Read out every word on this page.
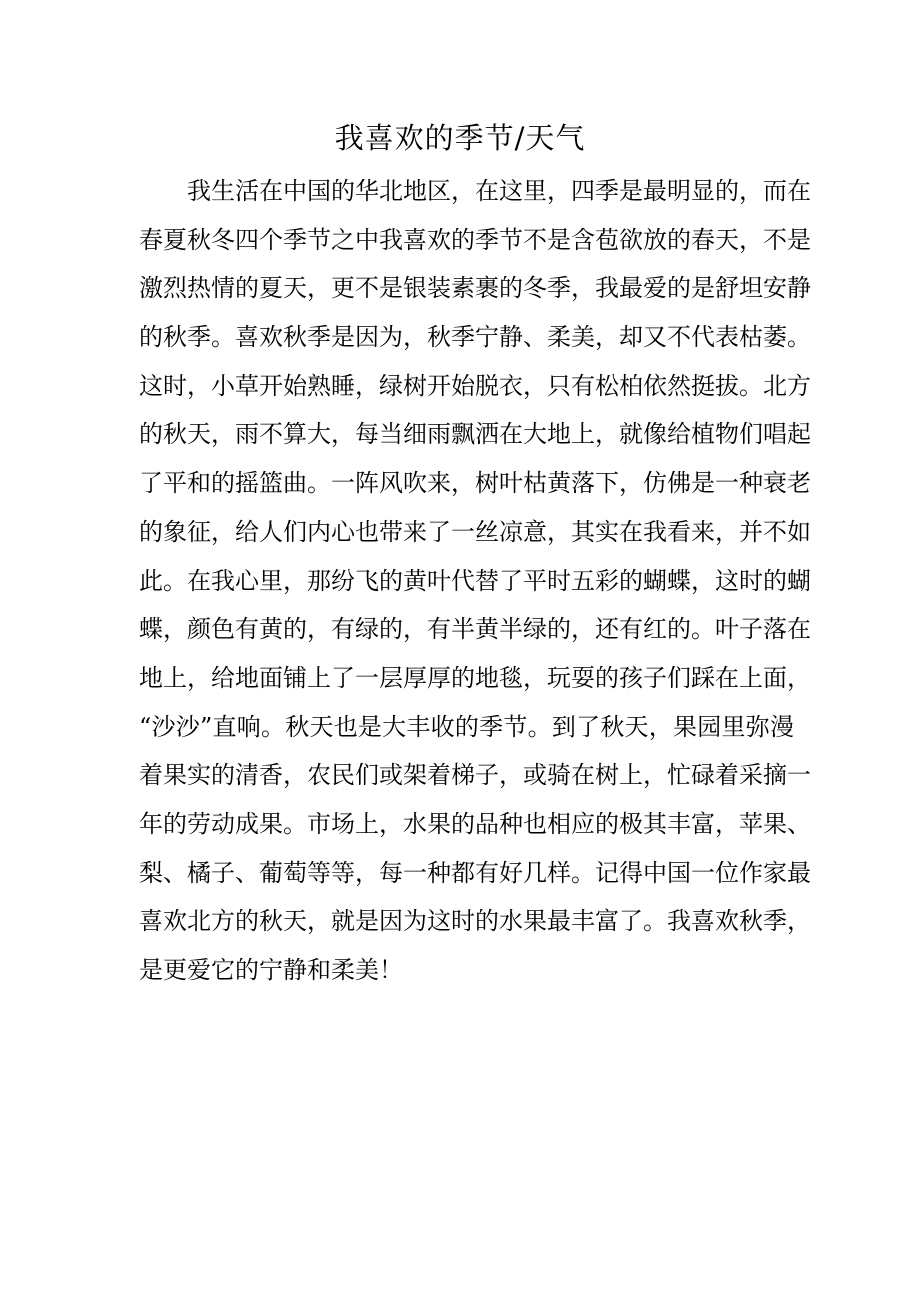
我喜欢的季节/天气
我生活在中国的华北地区，在这里，四季是最明显的，而在
春夏秋冬四个季节之中我喜欢的季节不是含苞欲放的春天，不是
激烈热情的夏天，更不是银装素裹的冬季，我最爱的是舒坦安静
的秋季。喜欢秋季是因为，秋季宁静、柔美，却又不代表枯萎。
这时，小草开始熟睡，绿树开始脱衣，只有松柏依然挺拔。北方
的秋天，雨不算大，每当细雨飘洒在大地上，就像给植物们唱起
了平和的摇篮曲。一阵风吹来，树叶枯黄落下，仿佛是一种衰老
的象征，给人们内心也带来了一丝凉意，其实在我看来，并不如
此。在我心里，那纷飞的黄叶代替了平时五彩的蝴蝶，这时的蝴
蝶，颜色有黄的，有绿的，有半黄半绿的，还有红的。叶子落在
地上，给地面铺上了一层厚厚的地毯，玩耍的孩子们踩在上面，
“沙沙”直响。秋天也是大丰收的季节。到了秋天，果园里弥漫
着果实的清香，农民们或架着梯子，或骑在树上，忙碌着采摘一
年的劳动成果。市场上，水果的品种也相应的极其丰富，苹果、
梨、橘子、葡萄等等，每一种都有好几样。记得中国一位作家最
喜欢北方的秋天，就是因为这时的水果最丰富了。我喜欢秋季，
是更爱它的宁静和柔美！
